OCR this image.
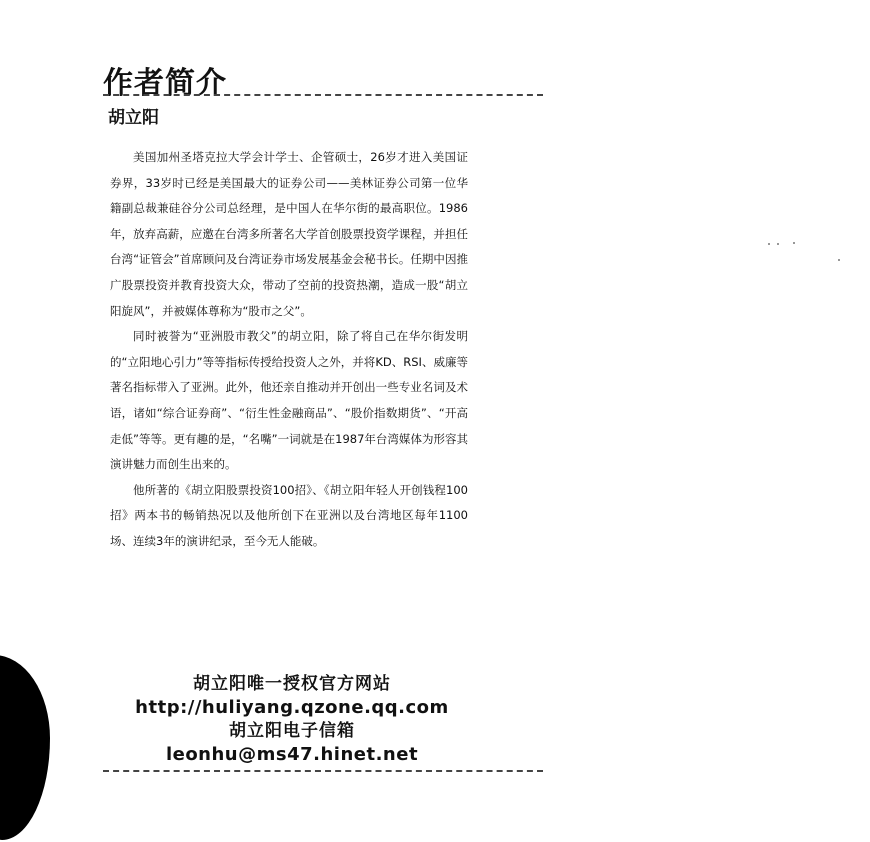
作者简介
胡立阳

美国加州圣塔克拉大学会计学士、企管硕士，26岁才进入美国证券界，33岁时已经是美国最大的证券公司——美林证券公司第一位华籍副总裁兼硅谷分公司总经理，是中国人在华尔街的最高职位。1986年，放弃高薪，应邀在台湾多所著名大学首创股票投资学课程，并担任台湾“证管会”首席顾问及台湾证券市场发展基金会秘书长。任期中因推广股票投资并教育投资大众，带动了空前的投资热潮，造成一股“胡立阳旋风”，并被媒体尊称为“股市之父”。

同时被誉为“亚洲股市教父”的胡立阳，除了将自己在华尔街发明的“立阳地心引力”等等指标传授给投资人之外，并将KD、RSI、威廉等著名指标带入了亚洲。此外，他还亲自推动并开创出一些专业名词及术语，诸如“综合证券商”、“衍生性金融商品”、“股价指数期货”、“开高走低”等等。更有趣的是，“名嘴”一词就是在1987年台湾媒体为形容其演讲魅力而创生出来的。

他所著的《胡立阳股票投资100招》、《胡立阳年轻人开创钱程100招》两本书的畅销热况以及他所创下在亚洲以及台湾地区每年1100场、连续3年的演讲纪录，至今无人能破。

胡立阳唯一授权官方网站
http://huliyang.qzone.qq.com
胡立阳电子信箱
leonhu@ms47.hinet.net
